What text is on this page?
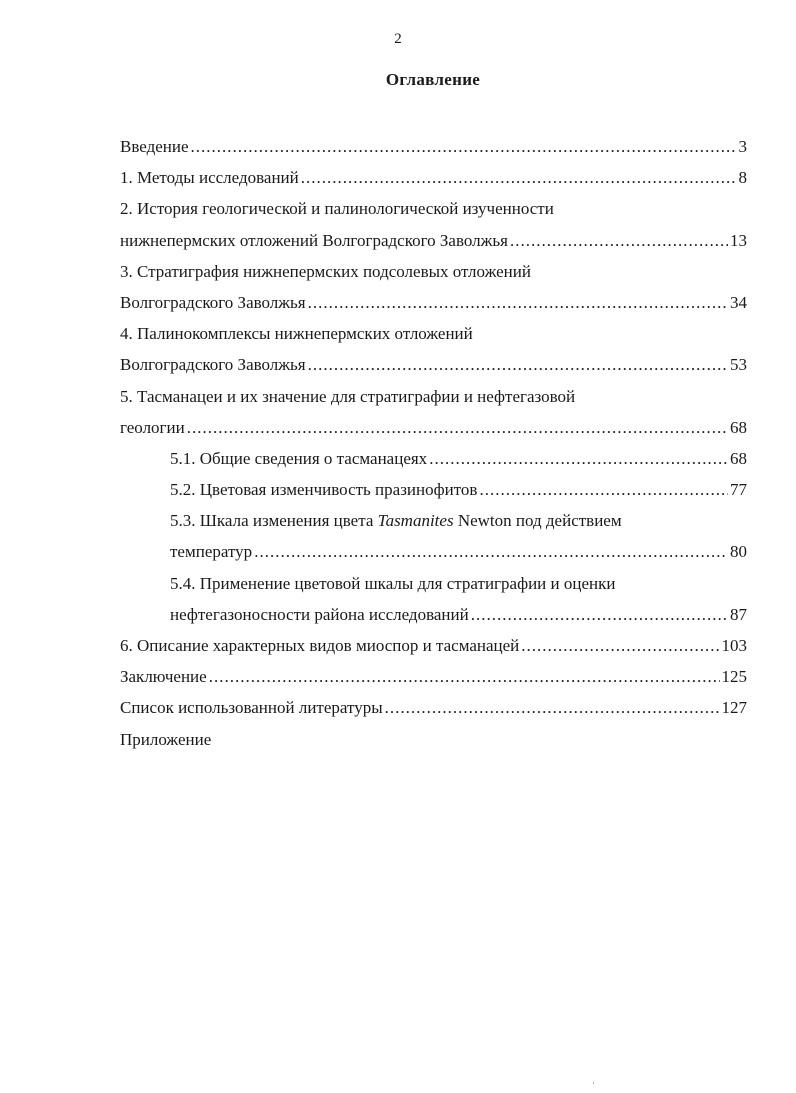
2
Оглавление
Введение .....	3
1. Методы исследований .....	8
2. История геологической и палинологической изученности
нижнепермских отложений Волгоградского Заволжья .....	13
3. Стратиграфия нижнепермских подсолевых отложений
Волгоградского Заволжья .....	34
4. Палинокомплексы нижнепермских отложений
Волгоградского Заволжья .....	53
5. Тасманацеи и их значение для стратиграфии и нефтегазовой
геологии .....	68
5.1. Общие сведения о тасманацеях .....	68
5.2. Цветовая изменчивость празинофитов .....	77
5.3. Шкала изменения цвета Tasmanites Newton под действием
температур .....	80
5.4. Применение цветовой шкалы для стратиграфии и оценки
нефтегазоносности района исследований .....	87
6. Описание характерных видов миоспор и тасманацей .....	103
Заключение .....	125
Список использованной литературы .....	127
Приложение
·
